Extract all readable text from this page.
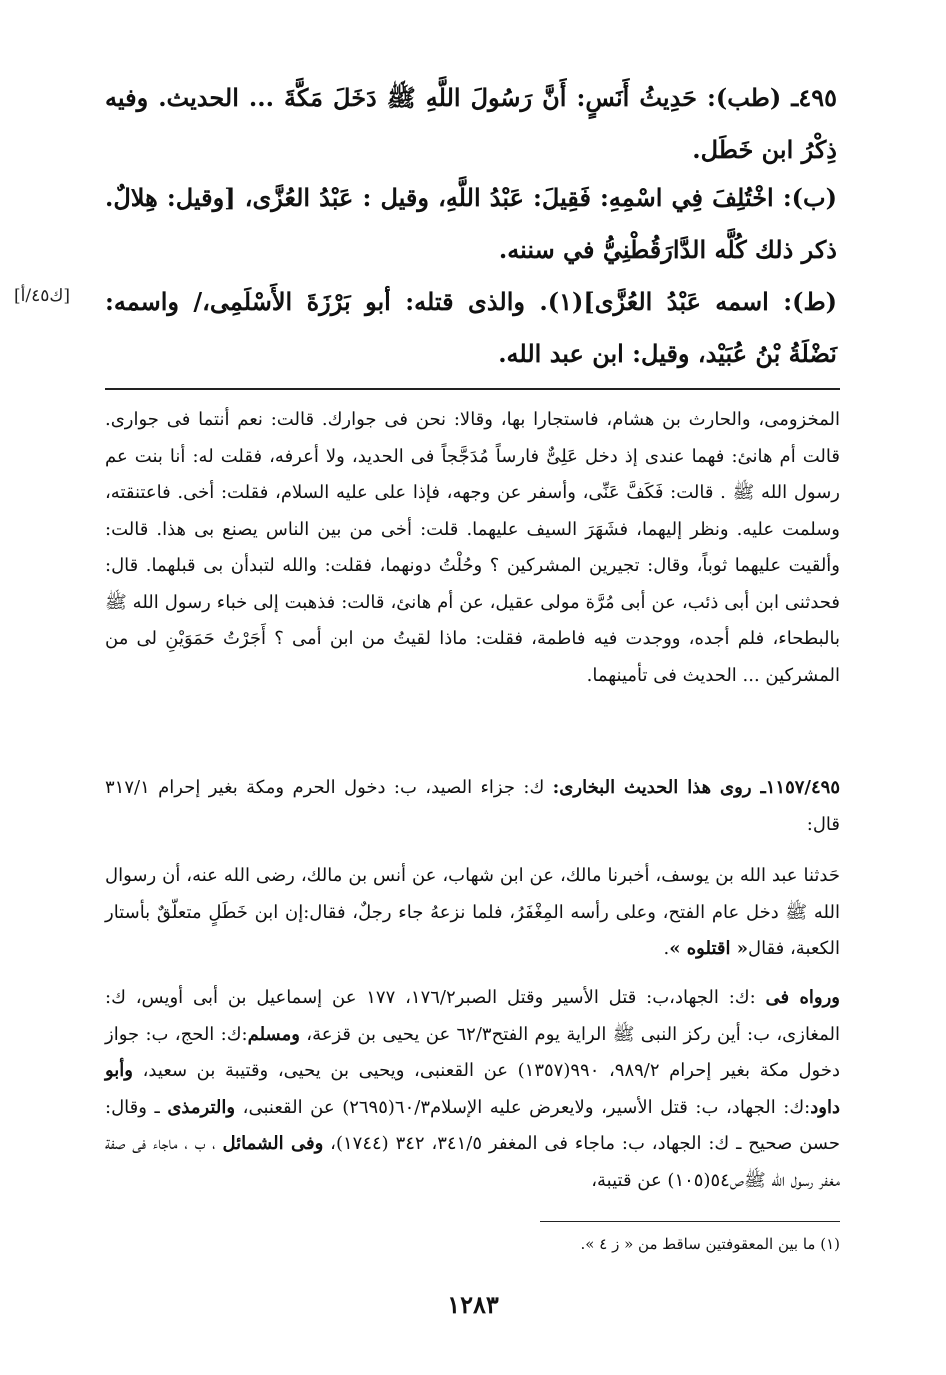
٤٩٥ـ (طب): حَدِيثُ أَنَسٍ: أَنَّ رَسُولَ اللَّهِ ﷺ دَخَلَ مَكَّةَ ... الحديث. وفيه ذِكْرُ ابن خَطَل.

(ب): اخْتُلِفَ فِي اسْمِهِ: فَقِيلَ: عَبْدُ اللَّهِ، وقيل : عَبْدُ العُزَّى، [وقيل: هِلالٌ. ذكر ذلك كُلَّه الدَّارَقُطْنِيُّ في سننه.

(ط): اسمه عَبْدُ العُزَّى](١). والذى قتله: أبو بَرْزَةَ الأَسْلَمِى،/ واسمه: نَضْلَةُ بْنُ عُبَيْد، وقيل: ابن عبد الله.

[ك٤٥/أ]

المخزومى، والحارث بن هشام، فاستجارا بها، وقالا: نحن فى جوارك. قالت: نعم أنتما فى جوارى. قالت أم هانئ: فهما عندى إذ دخل عَلِىٌّ فارساً مُدَجَّجاً فى الحديد، ولا أعرفه، فقلت له: أنا بنت عم رسول الله ﷺ . قالت: فَكَفَّ عَنِّى، وأسفر عن وجهه، فإذا على عليه السلام، فقلت: أخى. فاعتنقته، وسلمت عليه. ونظر إليهما، فشَهَرَ السيف عليهما. قلت: أخى من بين الناس يصنع بى هذا. قالت: وألقيت عليهما ثوباً، وقال: تجيرين المشركين ؟ وحُلْتُ دونهما، فقلت: والله لتبدأن بى قبلهما. قال: فحدثنى ابن أبى ذئب، عن أبى مُرَّة مولى عقيل، عن أم هانئ، قالت: فذهبت إلى خباء رسول الله ﷺ بالبطحاء، فلم أجده، ووجدت فيه فاطمة، فقلت: ماذا لقيتُ من ابن أمى ؟ أَجَرْتُ حَمَوَيْنِ لى من المشركين ... الحديث فى تأمينهما.

١١٥٧/٤٩٥ـ روى هذا الحديث البخارى: ك: جزاء الصيد، ب: دخول الحرم ومكة بغير إحرام ٣١٧/١ قال:

حَدثنا عبد الله بن يوسف، أخبرنا مالك، عن ابن شهاب، عن أنس بن مالك، رضى الله عنه، أن رسوال الله ﷺ دخل عام الفتح، وعلى رأسه المِغْفَرُ، فلما نزعهُ جاء رجلٌ، فقال:إن ابن خَطَلٍ متعلّقٌ بأستار الكعبة، فقال« اقتلوه ».

ورواه فى :ك: الجهاد،ب: قتل الأسير وقتل الصبر١٧٦/٢، ١٧٧ عن إسماعيل بن أبى أويس، ك: المغازى، ب: أين ركز النبى ﷺ الراية يوم الفتح٦٢/٣ عن يحيى بن قزعة، ومسلم:ك: الحج، ب: جواز دخول مكة بغير إحرام ٩٨٩/٢، ٩٩٠(١٣٥٧) عن القعنبى، ويحيى بن يحيى، وقتيبة بن سعيد، وأبو داود:ك: الجهاد، ب: قتل الأسير، ولايعرض عليه الإسلام٦٠/٣(٢٦٩٥) عن القعنبى، والترمذى ـ وقال: حسن صحيح ـ ك: الجهاد، ب: ماجاء فى المغفر ٣٤١/٥، ٣٤٢ (١٧٤٤)، وفى الشمائل ، ب ، ماجاء فى صفة مغفر رسول الله ﷺص٥٤(١٠٥) عن قتيبة،

(١) ما بين المعقوفتين ساقط من « ز ٤ ».
١٢٨٣
